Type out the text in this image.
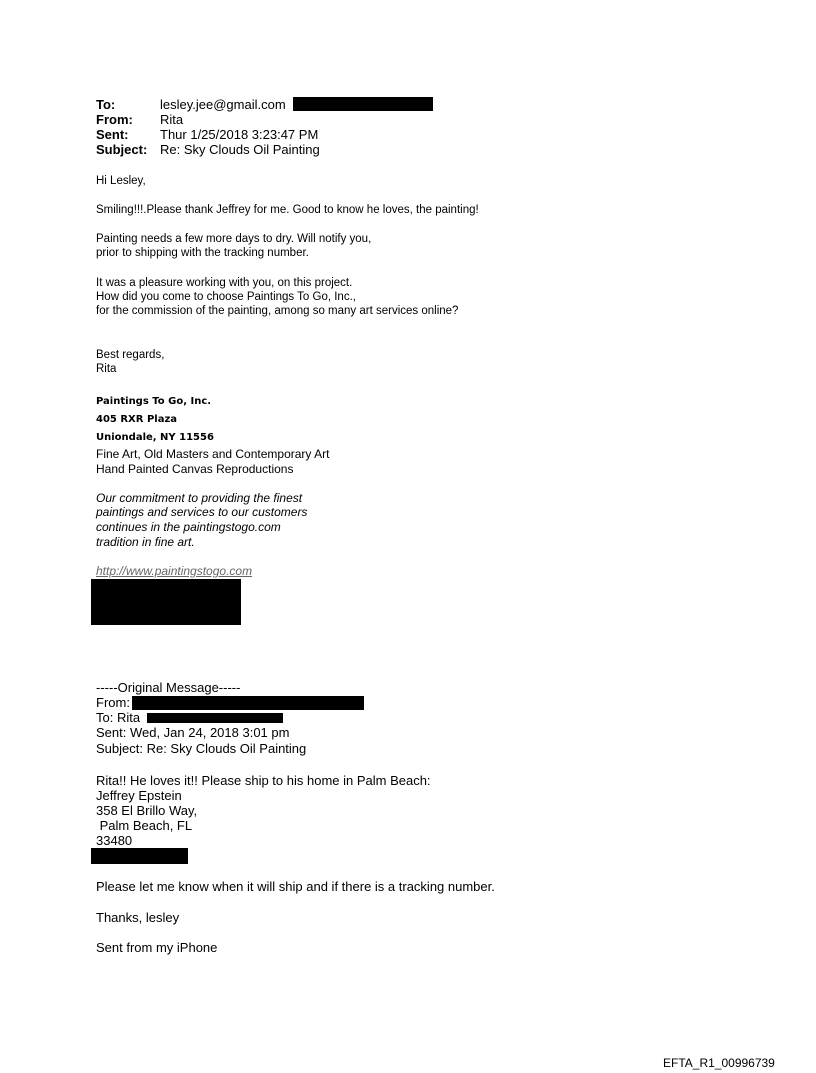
To:	lesley.jee@gmail.com
From: Rita
Sent: Thur 1/25/2018 3:23:47 PM
Subject: Re: Sky Clouds Oil Painting
Hi Lesley,
Smiling!!!.Please thank Jeffrey for me. Good to know he loves, the painting!
Painting needs a few more days to dry. Will notify you,
prior to shipping with the tracking number.
It was a pleasure working with you, on this project.
How did you come to choose Paintings To Go, Inc.,
for the commission of the painting, among so many art services online?
Best regards,
Rita
Paintings To Go, Inc.
405 RXR Plaza
Uniondale, NY 11556
Fine Art, Old Masters and Contemporary Art
Hand Painted Canvas Reproductions
Our commitment to providing the finest
paintings and services to our customers
continues in the paintingstogo.com
tradition in fine art.
http://www.paintingstogo.com
-----Original Message-----
From:
To: Rita
Sent: Wed, Jan 24, 2018 3:01 pm
Subject: Re: Sky Clouds Oil Painting
Rita!! He loves it!! Please ship to his home in Palm Beach:
Jeffrey Epstein
358 El Brillo Way,
Palm Beach, FL
33480
Please let me know when it will ship and if there is a tracking number.
Thanks, lesley
Sent from my iPhone
EFTA_R1_00996739
